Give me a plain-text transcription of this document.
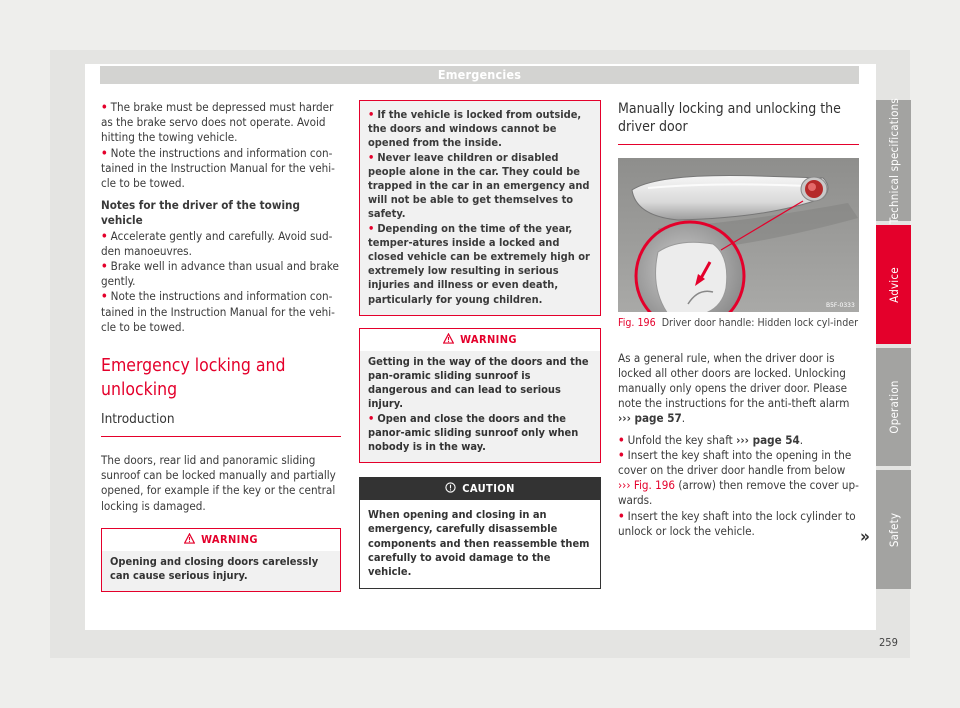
Emergencies

• The brake must be depressed must harder as the brake servo does not operate. Avoid hitting the towing vehicle.

• Note the instructions and information con-tained in the Instruction Manual for the vehi-cle to be towed.

Notes for the driver of the towing vehicle

• Accelerate gently and carefully. Avoid sud-den manoeuvres.

• Brake well in advance than usual and brake gently.

• Note the instructions and information con-tained in the Instruction Manual for the vehi-cle to be towed.

Emergency locking and unlocking
Introduction

The doors, rear lid and panoramic sliding sunroof can be locked manually and partially opened, for example if the key or the central locking is damaged.

WARNING
Opening and closing doors carelessly can cause serious injury.

• If the vehicle is locked from outside, the doors and windows cannot be opened from the inside.

• Never leave children or disabled people alone in the car. They could be trapped in the car in an emergency and will not be able to get themselves to safety.

• Depending on the time of the year, temper-atures inside a locked and closed vehicle can be extremely high or extremely low resulting in serious injuries and illness or even death, particularly for young children.

WARNING

Getting in the way of the doors and the pan-oramic sliding sunroof is dangerous and can lead to serious injury.

• Open and close the doors and the panor-amic sliding sunroof only when nobody is in the way.

CAUTION
When opening and closing in an emergency, carefully disassemble components and then reassemble them carefully to avoid damage to the vehicle.
Manually locking and unlocking the driver door
B5F-0333

Fig. 196 Driver door handle: Hidden lock cyl-inder

As a general rule, when the driver door is locked all other doors are locked. Unlocking manually only opens the driver door. Please note the instructions for the anti-theft alarm ››› page 57.

• Unfold the key shaft ››› page 54.

• Insert the key shaft into the opening in the cover on the driver door handle from below ››› Fig. 196 (arrow) then remove the cover up-wards.

• Insert the key shaft into the lock cylinder to unlock or lock the vehicle.	»
Technical specifications
Advice
Operation
Safety
259
